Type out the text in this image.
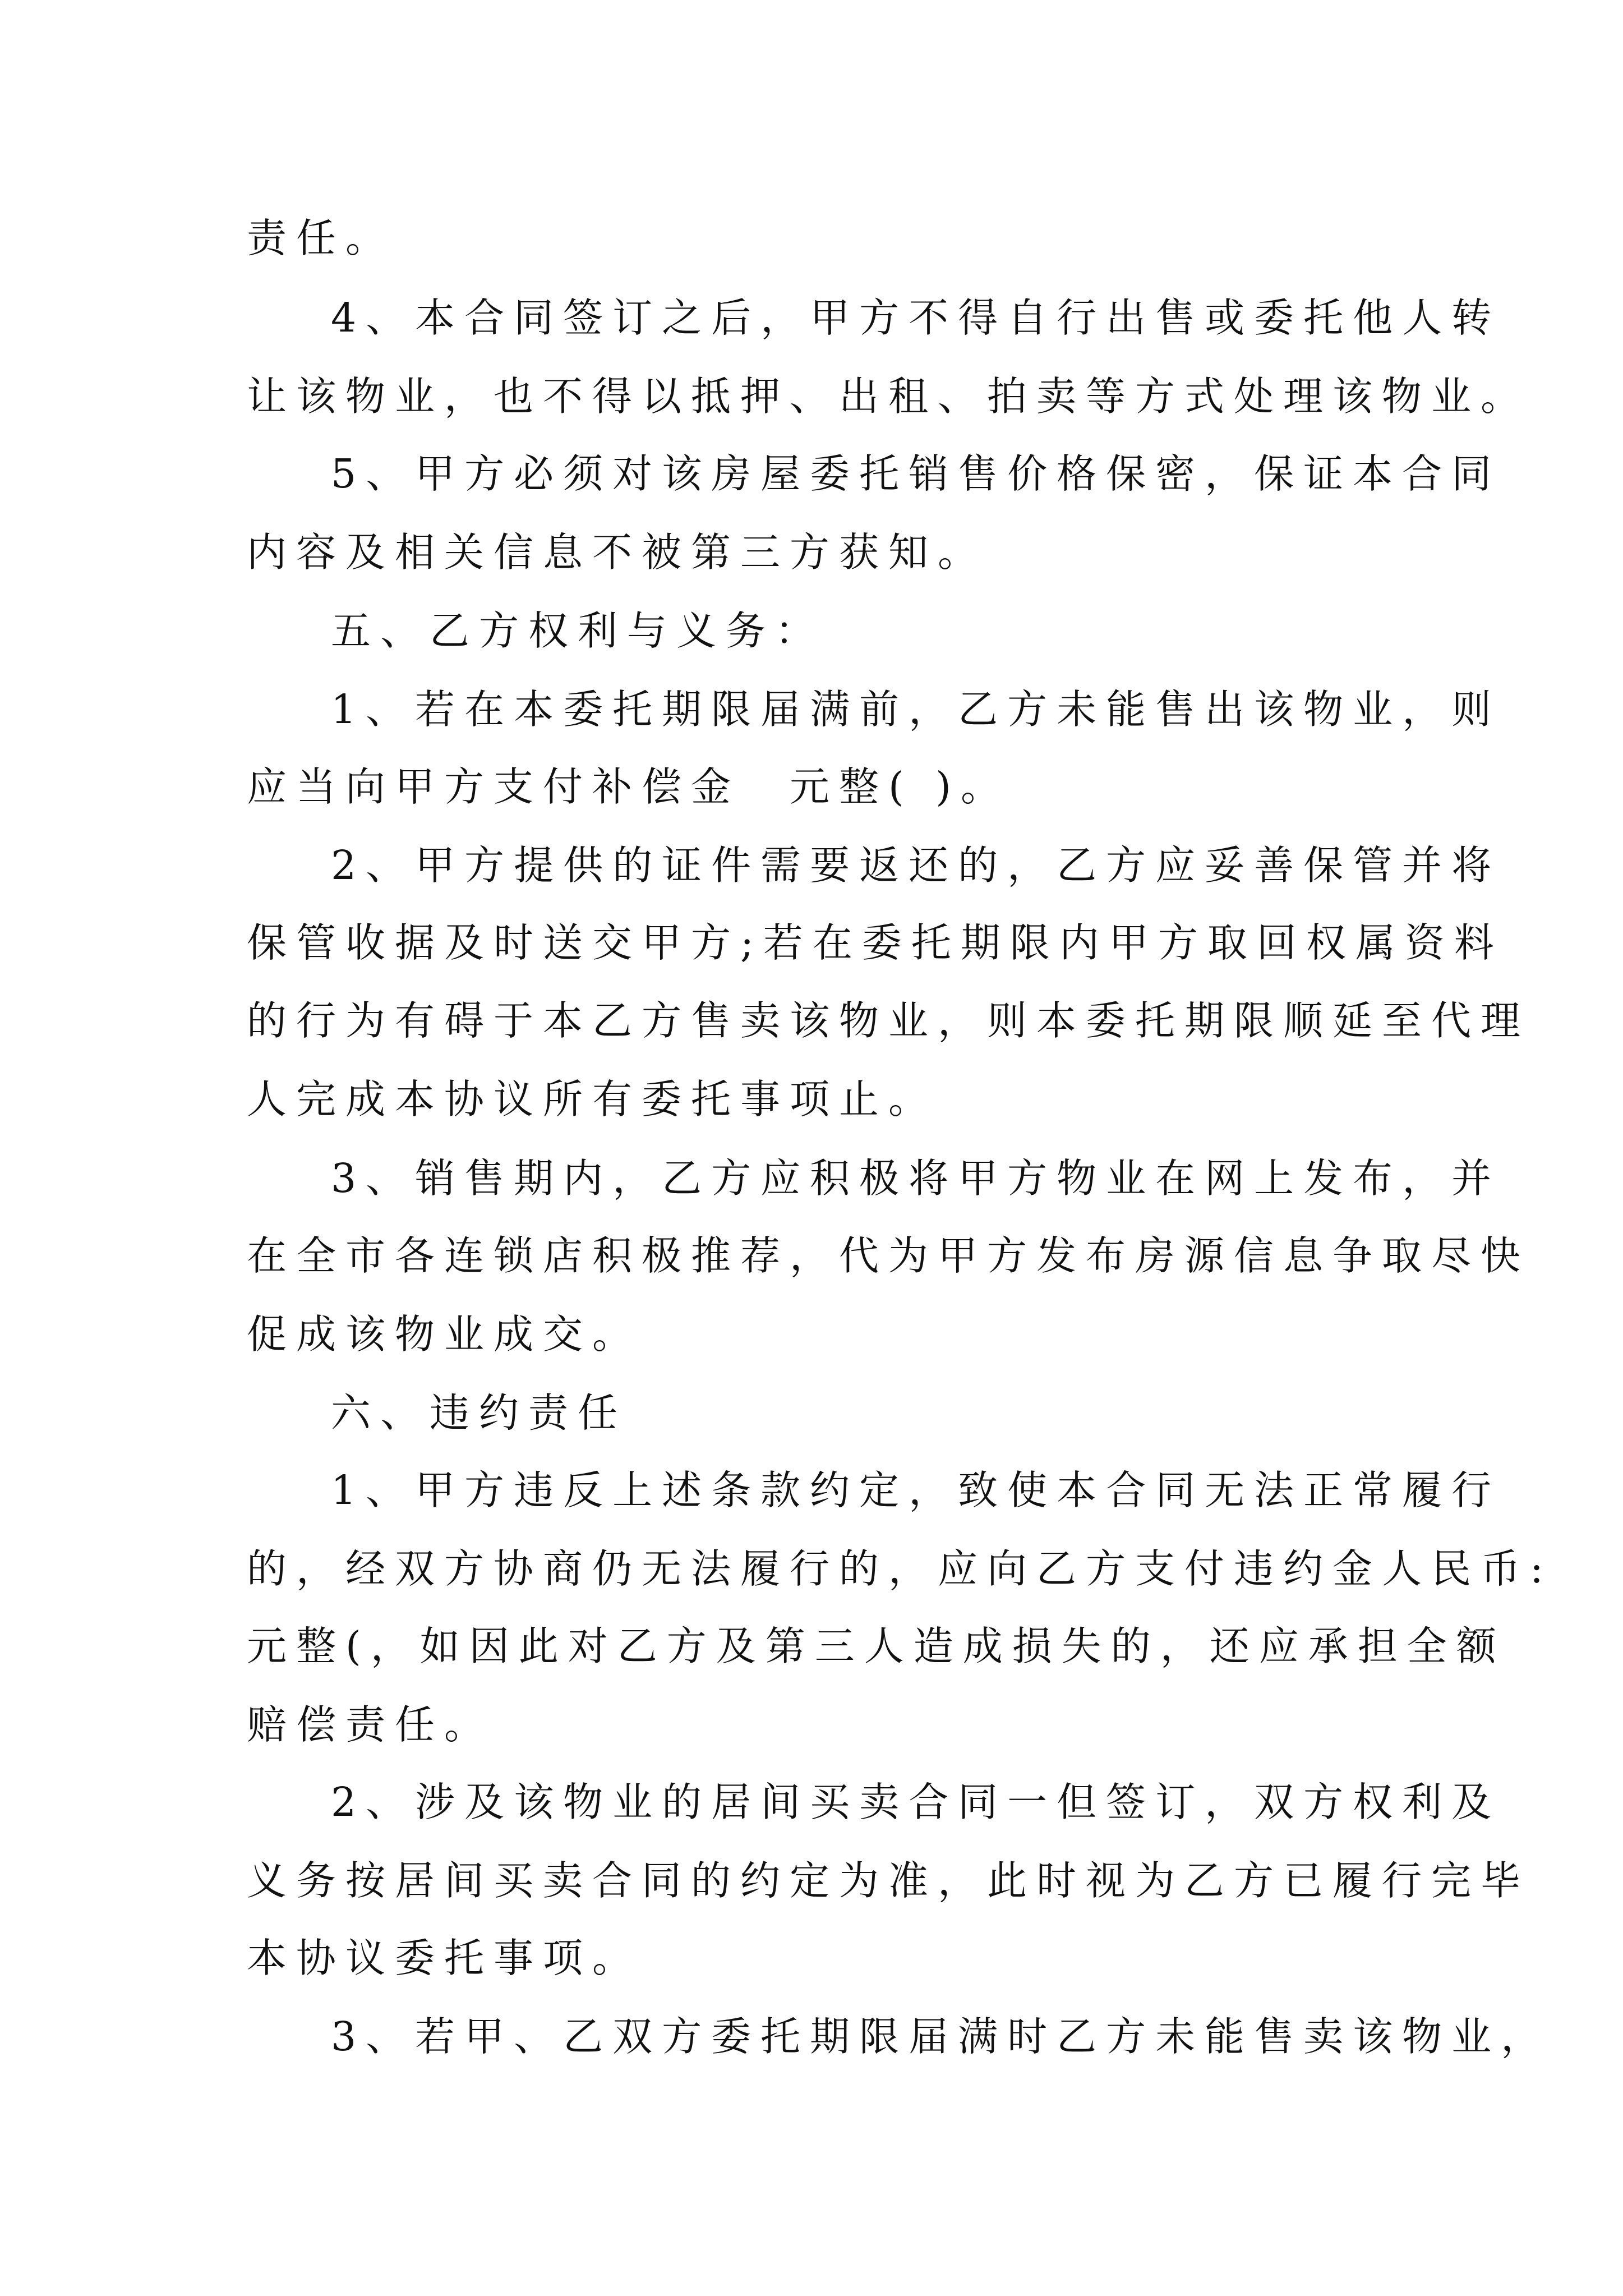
责任。
4、本合同签订之后，甲方不得自行出售或委托他人转
让该物业，也不得以抵押、出租、拍卖等方式处理该物业。
5、甲方必须对该房屋委托销售价格保密，保证本合同
内容及相关信息不被第三方获知。
五、乙方权利与义务：
1、若在本委托期限届满前，乙方未能售出该物业，则
应当向甲方支付补偿金　元整( )。
2、甲方提供的证件需要返还的，乙方应妥善保管并将
保管收据及时送交甲方;若在委托期限内甲方取回权属资料
的行为有碍于本乙方售卖该物业，则本委托期限顺延至代理
人完成本协议所有委托事项止。
3、销售期内，乙方应积极将甲方物业在网上发布，并
在全市各连锁店积极推荐，代为甲方发布房源信息争取尽快
促成该物业成交。
六、违约责任
1、甲方违反上述条款约定，致使本合同无法正常履行
的，经双方协商仍无法履行的，应向乙方支付违约金人民币:
元整(，如因此对乙方及第三人造成损失的，还应承担全额
赔偿责任。
2、涉及该物业的居间买卖合同一但签订，双方权利及
义务按居间买卖合同的约定为准，此时视为乙方已履行完毕
本协议委托事项。
3、若甲、乙双方委托期限届满时乙方未能售卖该物业，
